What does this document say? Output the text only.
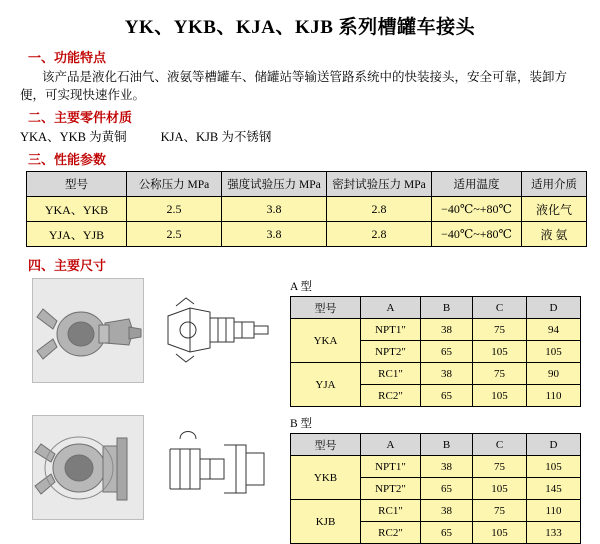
YK、YKB、KJA、KJB 系列槽罐车接头
一、功能特点
该产品是液化石油气、液氨等槽罐车、储罐站等输送管路系统中的快装接头，安全可靠，装卸方便，可实现快速作业。
二、主要零件材质
YKA、YKB 为黄铜	KJA、KJB 为不锈钢
三、性能参数
型号	公称压力 MPa	强度试验压力 MPa	密封试验压力 MPa	适用温度	适用介质
YKA、YKB	2.5	3.8	2.8	−40℃~+80℃	液化气
YJA、YJB	2.5	3.8	2.8	−40℃~+80℃	液 氨
四、主要尺寸
A 型
型号	A	B	C	D
YKA	NPT1"	38	75	94
	NPT2"	65	105	105
YJA	RC1"	38	75	90
	RC2"	65	105	110
B 型
型号	A	B	C	D
YKB	NPT1"	38	75	105
	NPT2"	65	105	145
KJB	RC1"	38	75	110
	RC2"	65	105	133
